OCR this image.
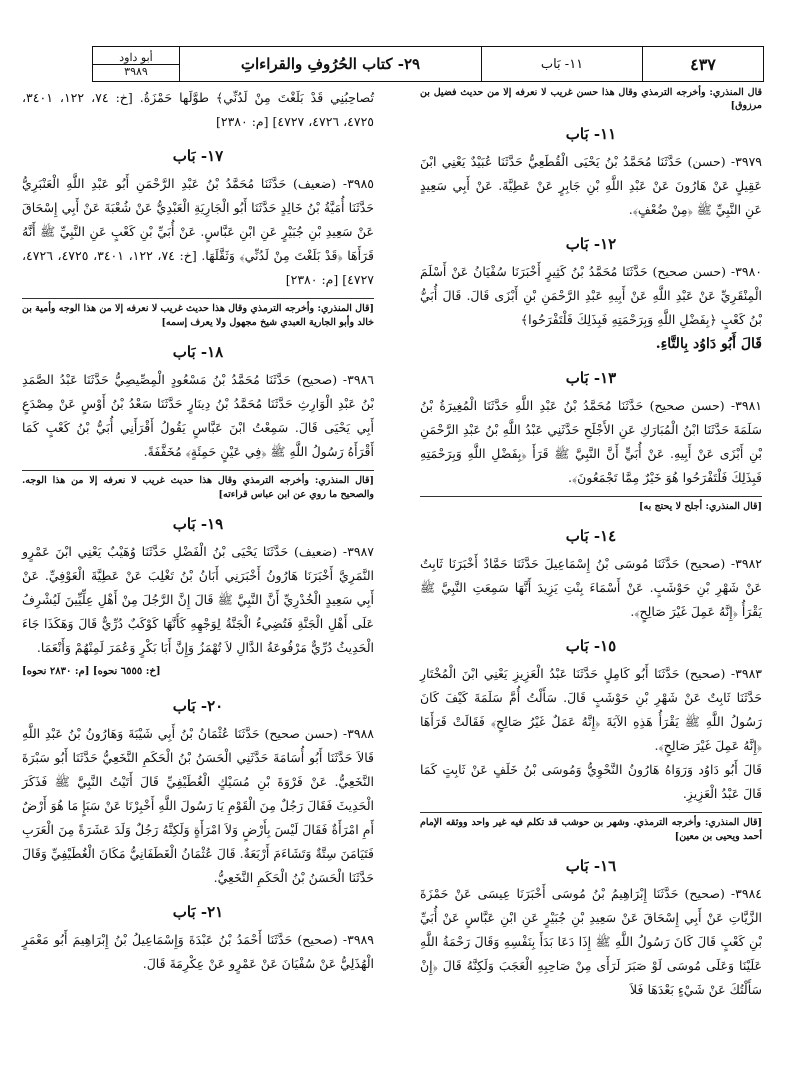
أبو داود
٣٩٨٩	٢٩- كتاب الحُرُوفِ والقراءاتِ	١١- بَاب	٤٣٧
قال المنذري: وأخرجه الترمذي وقال هذا حسن غريب لا نعرفه إلا من حديث فضيل بن مرزوق]
١١- بَاب

٣٩٧٩- (حسن) حَدَّثَنَا مُحَمَّدُ بْنُ يَحْيَى الْقُطَعِيُّ حَدَّثَنَا عُبَيْدٌ يَعْنِي ابْنَ عَقِيلٍ عَنْ هَارُونَ عَنْ عَبْدِ اللَّهِ بْنِ جَابِرٍ عَنْ عَطِيَّةَ. عَنْ أَبِي سَعِيدٍ عَنِ النَّبِيِّ ﷺ ﴿مِنْ ضُعْفٍ﴾.

١٢- بَاب

٣٩٨٠- (حسن صحيح) حَدَّثَنَا مُحَمَّدُ بْنُ كَثِيرٍ أَخْبَرَنَا سُفْيَانُ عَنْ أَسْلَمَ الْمِنْقَرِيِّ عَنْ عَبْدِ اللَّهِ عَنْ أَبِيهِ عَبْدِ الرَّحْمَنِ بْنِ أَبْزَى قَالَ. قَالَ أُبَيُّ بْنُ كَعْبٍ ﴿بِفَضْلِ اللَّهِ وَبِرَحْمَتِهِ فَبِذَلِكَ فَلْتَفْرَحُوا﴾

قَالَ أَبُو دَاوُد بِالتَّاءِ.
١٣- بَاب

٣٩٨١- (حسن صحيح) حَدَّثَنَا مُحَمَّدُ بْنُ عَبْدِ اللَّهِ حَدَّثَنَا الْمُغِيرَةُ بْنُ سَلَمَةَ حَدَّثَنَا ابْنُ الْمُبَارَكِ عَنِ الأَجْلَحِ حَدَّثَنِي عَبْدُ اللَّهِ بْنُ عَبْدِ الرَّحْمَنِ بْنِ أَبْزَى عَنْ أَبِيهِ. عَنْ أُبَيٍّ أَنَّ النَّبِيَّ ﷺ قَرَأَ ﴿بِفَضْلِ اللَّهِ وَبِرَحْمَتِهِ فَبِذَلِكَ فَلْتَفْرَحُوا هُوَ خَيْرٌ مِمَّا تَجْمَعُونَ﴾.

[قال المنذري: أجلح لا يحتج به]
١٤- بَاب

٣٩٨٢- (صحيح) حَدَّثَنَا مُوسَى بْنُ إِسْمَاعِيلَ حَدَّثَنَا حَمَّادٌ أَخْبَرَنَا ثَابِتٌ عَنْ شَهْرِ بْنِ حَوْشَبٍ. عَنْ أَسْمَاءَ بِنْتِ يَزِيدَ أَنَّهَا سَمِعَتِ النَّبِيَّ ﷺ يَقْرَأُ ﴿إِنَّهُ عَمِلَ غَيْرَ صَالِحٍ﴾.

١٥- بَاب

٣٩٨٣- (صحيح) حَدَّثَنَا أَبُو كَامِلٍ حَدَّثَنَا عَبْدُ الْعَزِيزِ يَعْنِي ابْنَ الْمُخْتَارِ حَدَّثَنَا ثَابِتٌ عَنْ شَهْرِ بْنِ حَوْشَبٍ قَالَ. سَأَلْتُ أُمَّ سَلَمَةَ كَيْفَ كَانَ رَسُولُ اللَّهِ ﷺ يَقْرَأُ هَذِهِ الآيَةَ ﴿إِنَّهُ عَمَلٌ غَيْرُ صَالِحٍ﴾ فَقَالَتْ قَرَأَهَا ﴿إِنَّهُ عَمِلَ غَيْرَ صَالِحٍ﴾.

قَالَ أَبُو دَاوُد وَرَوَاهُ هَارُونُ النَّحْوِيُّ وَمُوسَى بْنُ خَلَفٍ عَنْ ثَابِتٍ كَمَا قَالَ عَبْدُ الْعَزِيزِ.
[قال المنذري: وأخرجه الترمذي. وشهر بن حوشب قد تكلم فيه غير واحد ووثقه الإمام أحمد ويحيى بن معين]
١٦- بَاب

٣٩٨٤- (صحيح) حَدَّثَنَا إِبْرَاهِيمُ بْنُ مُوسَى أَخْبَرَنَا عِيسَى عَنْ حَمْزَةَ الزَّيَّاتِ عَنْ أَبِي إِسْحَاقَ عَنْ سَعِيدِ بْنِ جُبَيْرٍ عَنِ ابْنِ عَبَّاسٍ عَنْ أُبَيِّ بْنِ كَعْبٍ قَالَ كَانَ رَسُولُ اللَّهِ ﷺ إِذَا دَعَا بَدَأَ بِنَفْسِهِ وَقَالَ رَحْمَةُ اللَّهِ عَلَيْنَا وَعَلَى مُوسَى لَوْ صَبَرَ لَرَأَى مِنْ صَاحِبِهِ الْعَجَبَ وَلَكِنَّهُ قَالَ ﴿إِنْ سَأَلْتُكَ عَنْ شَيْءٍ بَعْدَهَا فَلاَ

تُصاحِبُنِي قَدْ بَلَغْتَ مِنْ لَدُنِّي﴾ طوَّلَها حَمْزَةُ. [خ: ٧٤، ١٢٢، ٣٤٠١، ٤٧٢٥، ٤٧٢٦، ٤٧٢٧] [م: ٢٣٨٠]
١٧- بَاب

٣٩٨٥- (ضعيف) حَدَّثَنَا مُحَمَّدُ بْنُ عَبْدِ الرَّحْمَنِ أَبُو عَبْدِ اللَّهِ الْعَنْبَرِيُّ حَدَّثَنَا أُمَيَّةُ بْنُ خَالِدٍ حَدَّثَنَا أَبُو الْجَارِيَةِ الْعَبْدِيُّ عَنْ شُعْبَةَ عَنْ أَبِي إِسْحَاقَ عَنْ سَعِيدِ بْنِ جُبَيْرٍ عَنِ ابْنِ عَبَّاسٍ. عَنْ أُبَيِّ بْنِ كَعْبٍ عَنِ النَّبِيِّ ﷺ أَنَّهُ قَرَأَهَا ﴿قَدْ بَلَغْتَ مِنْ لَدُنِّي﴾ وَثَقَّلَهَا. [خ: ٧٤، ١٢٢، ٣٤٠١، ٤٧٢٥، ٤٧٢٦، ٤٧٢٧] [م: ٢٣٨٠]

[قال المنذري: وأخرجه الترمذي وقال هذا حديث غريب لا نعرفه إلا من هذا الوجه وأمية بن خالد وأبو الجارية العبدي شيخ مجهول ولا يعرف إسمه]
١٨- بَاب

٣٩٨٦- (صحيح) حَدَّثَنَا مُحَمَّدُ بْنُ مَسْعُودٍ الْمِصِّيصِيُّ حَدَّثَنَا عَبْدُ الصَّمَدِ بْنُ عَبْدِ الْوَارِثِ حَدَّثَنَا مُحَمَّدُ بْنُ دِينَارٍ حَدَّثَنَا سَعْدُ بْنُ أَوْسٍ عَنْ مِصْدَعٍ أَبِي يَحْيَى قَالَ. سَمِعْتُ ابْنَ عَبَّاسٍ يَقُولُ أَقْرَأَنِي أُبَيُّ بْنُ كَعْبٍ كَمَا أَقْرَأَهُ رَسُولُ اللَّهِ ﷺ ﴿فِي عَيْنٍ حَمِئَةٍ﴾ مُخَفَّفَةً.

[قال المنذري: وأخرجه الترمذي وقال هذا حديث غريب لا نعرفه إلا من هذا الوجه. والصحيح ما روي عن ابن عباس قراءته]
١٩- بَاب

٣٩٨٧- (ضعيف) حَدَّثَنَا يَحْيَى بْنُ الْفَضْلِ حَدَّثَنَا وُهَيْبٌ يَعْنِي ابْنَ عَمْرٍو النَّمَرِيَّ أَخْبَرَنَا هَارُونُ أَخْبَرَنِي أَبَانُ بْنُ تَغْلِبَ عَنْ عَطِيَّةَ الْعَوْفِيِّ. عَنْ أَبِي سَعِيدٍ الْخُدْرِيِّ أَنَّ النَّبِيَّ ﷺ قَالَ إِنَّ الرَّجُلَ مِنْ أَهْلِ عِلِّيِّينَ لَيُشْرِفُ عَلَى أَهْلِ الْجَنَّةِ فَتُضِيءُ الْجَنَّةُ لِوَجْهِهِ كَأَنَّهَا كَوْكَبٌ دُرِّيٌّ قَالَ وَهَكَذَا جَاءَ الْحَدِيثُ دُرِّيٌّ مَرْفُوعَةُ الدَّالِ لاَ تُهْمَزُ وَإِنَّ أَبَا بَكْرٍ وَعُمَرَ لَمِنْهُمْ وَأَنْعَمَا.

[خ: ٦٥٥٥ نحوه] [م: ٢٨٣٠ نحوه]
٢٠- بَاب

٣٩٨٨- (حسن صحيح) حَدَّثَنَا عُثْمَانُ بْنُ أَبِي شَيْبَةَ وَهَارُونُ بْنُ عَبْدِ اللَّهِ قَالاَ حَدَّثَنَا أَبُو أُسَامَةَ حَدَّثَنِي الْحَسَنُ بْنُ الْحَكَمِ النَّخَعِيُّ حَدَّثَنَا أَبُو سَبْرَةَ النَّخَعِيُّ. عَنْ فَرْوَةَ بْنِ مُسَيْكٍ الْغُطَيْفِيِّ قَالَ أَتَيْتُ النَّبِيَّ ﷺ فَذَكَرَ الْحَدِيثَ فَقَالَ رَجُلٌ مِنَ الْقَوْمِ يَا رَسُولَ اللَّهِ أَخْبِرْنَا عَنْ سَبَإٍ مَا هُوَ أَرْضٌ أَمِ امْرَأَةٌ فَقَالَ لَيْسَ بِأَرْضٍ وَلاَ امْرَأَةٍ وَلَكِنَّهُ رَجُلٌ وَلَدَ عَشَرَةً مِنَ الْعَرَبِ فَتَيَامَنَ سِتَّةٌ وَتَشَاءَمَ أَرْبَعَةٌ. قَالَ عُثْمَانُ الْغَطَفَانِيُّ مَكَانَ الْغُطَيْفِيِّ وَقَالَ حَدَّثَنَا الْحَسَنُ بْنُ الْحَكَمِ النَّخَعِيُّ.

٢١- بَاب

٣٩٨٩- (صحيح) حَدَّثَنَا أَحْمَدُ بْنُ عَبْدَةَ وَإِسْمَاعِيلُ بْنُ إِبْرَاهِيمَ أَبُو مَعْمَرٍ الْهُذَلِيُّ عَنْ سُفْيَانَ عَنْ عَمْرٍو عَنْ عِكْرِمَةَ قَالَ.
